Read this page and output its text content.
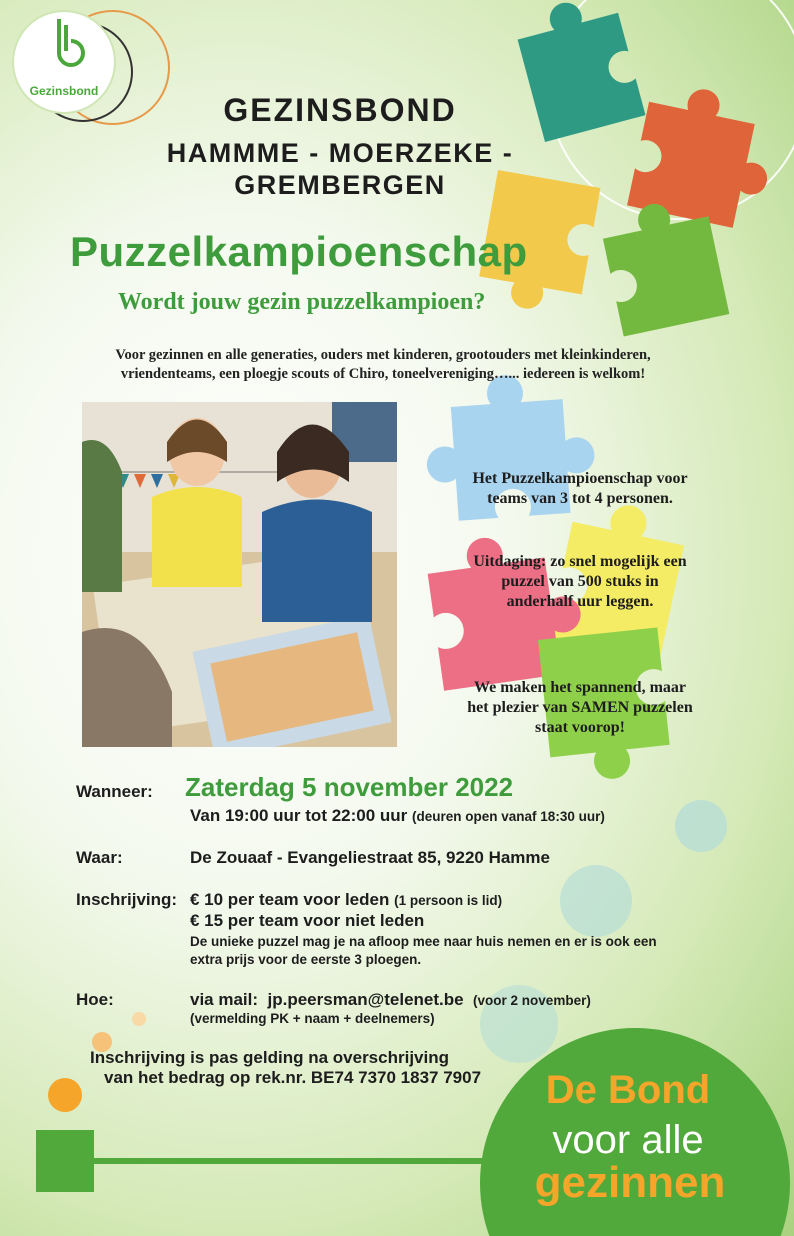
Gezinsbond
GEZINSBOND
HAMMME - MOERZEKE -
GREMBERGEN
Puzzelkampioenschap
Wordt jouw gezin puzzelkampioen?
Voor gezinnen en alle generaties, ouders met kinderen, grootouders met kleinkinderen,
vriendenteams, een ploegje scouts of Chiro, toneelvereniging…... iedereen is welkom!
Het Puzzelkampioenschap voor
teams van 3 tot 4 personen.
Uitdaging: zo snel mogelijk een
puzzel van 500 stuks in
anderhalf uur leggen.
We maken het spannend, maar
het plezier van SAMEN puzzelen
staat voorop!
Wanneer: Zaterdag 5 november 2022
Van 19:00 uur tot 22:00 uur (deuren open vanaf 18:30 uur)
Waar:	De Zouaaf - Evangeliestraat 85, 9220 Hamme
Inschrijving: € 10 per team voor leden (1 persoon is lid)
€ 15 per team voor niet leden
De unieke puzzel mag je na afloop mee naar huis nemen en er is ook een
extra prijs voor de eerste 3 ploegen.
Hoe:	via mail: jp.peersman@telenet.be (voor 2 november)
(vermelding PK + naam + deelnemers)
Inschrijving is pas gelding na overschrijving
van het bedrag op rek.nr. BE74 7370 1837 7907	De Bond
voor alle
gezinnen
